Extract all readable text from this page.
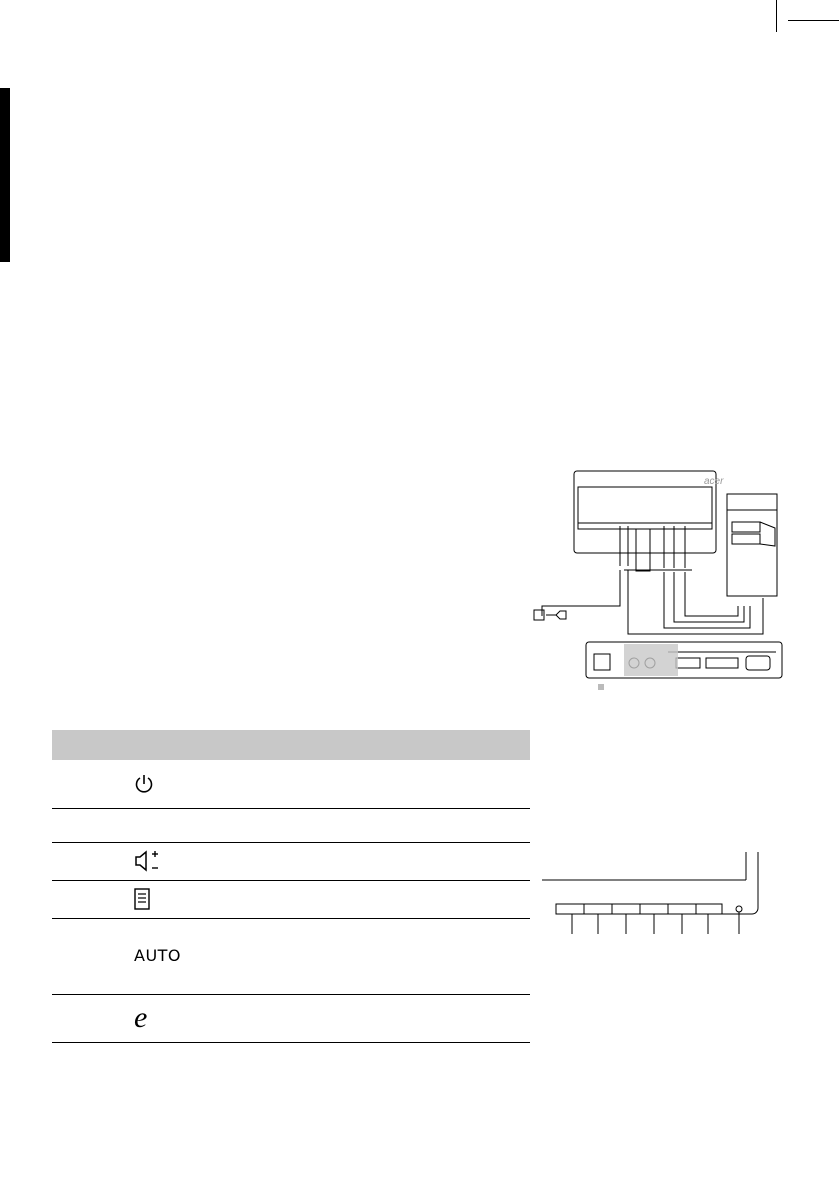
acer

AUTO	
e	
